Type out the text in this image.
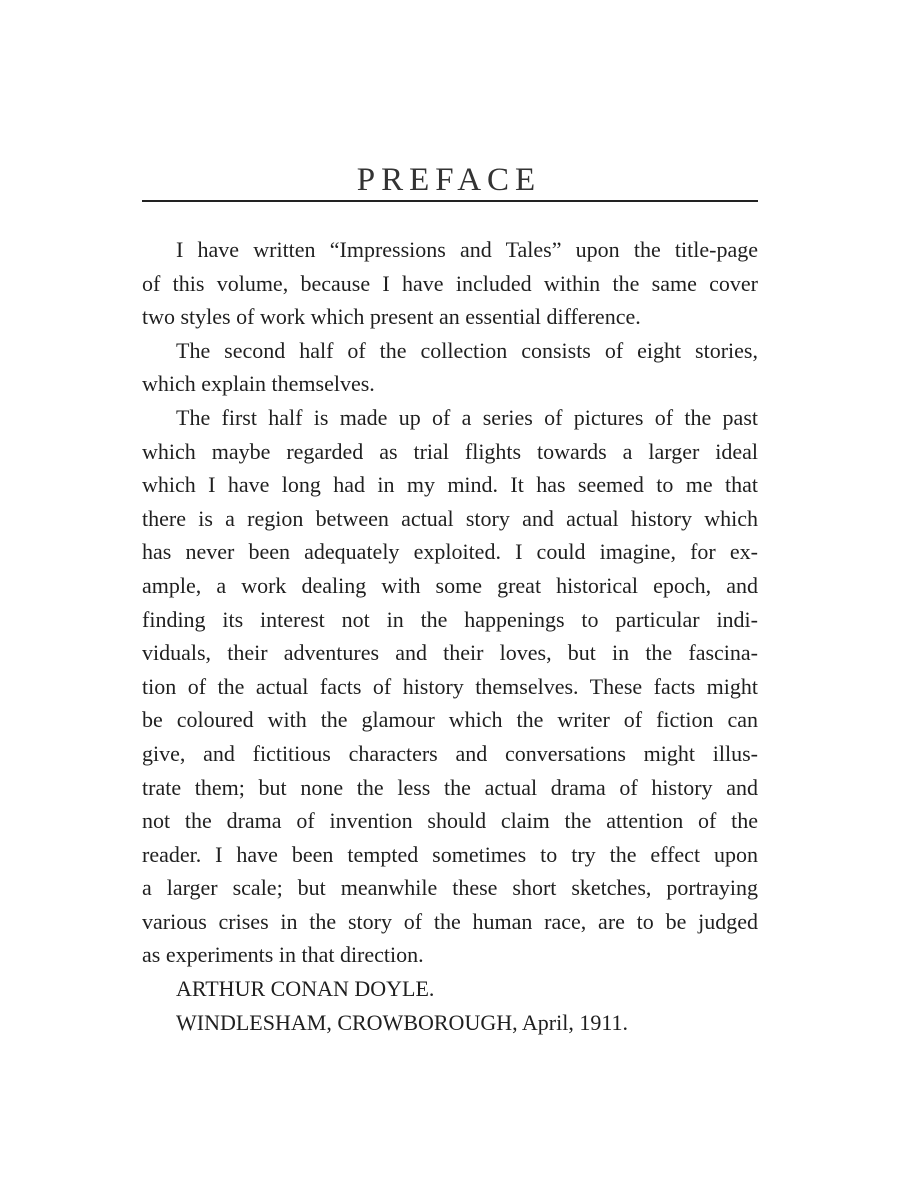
PREFACE
I have written “Impressions and Tales” upon the title-page
of this volume, because I have included within the same cover
two styles of work which present an essential difference.
The second half of the collection consists of eight stories,
which explain themselves.
The first half is made up of a series of pictures of the past
which maybe regarded as trial flights towards a larger ideal
which I have long had in my mind. It has seemed to me that
there is a region between actual story and actual history which
has never been adequately exploited. I could imagine, for ex-
ample, a work dealing with some great historical epoch, and
finding its interest not in the happenings to particular indi-
viduals, their adventures and their loves, but in the fascina-
tion of the actual facts of history themselves. These facts might
be coloured with the glamour which the writer of fiction can
give, and fictitious characters and conversations might illus-
trate them; but none the less the actual drama of history and
not the drama of invention should claim the attention of the
reader. I have been tempted sometimes to try the effect upon
a larger scale; but meanwhile these short sketches, portraying
various crises in the story of the human race, are to be judged
as experiments in that direction.
ARTHUR CONAN DOYLE.
WINDLESHAM, CROWBOROUGH, April, 1911.
